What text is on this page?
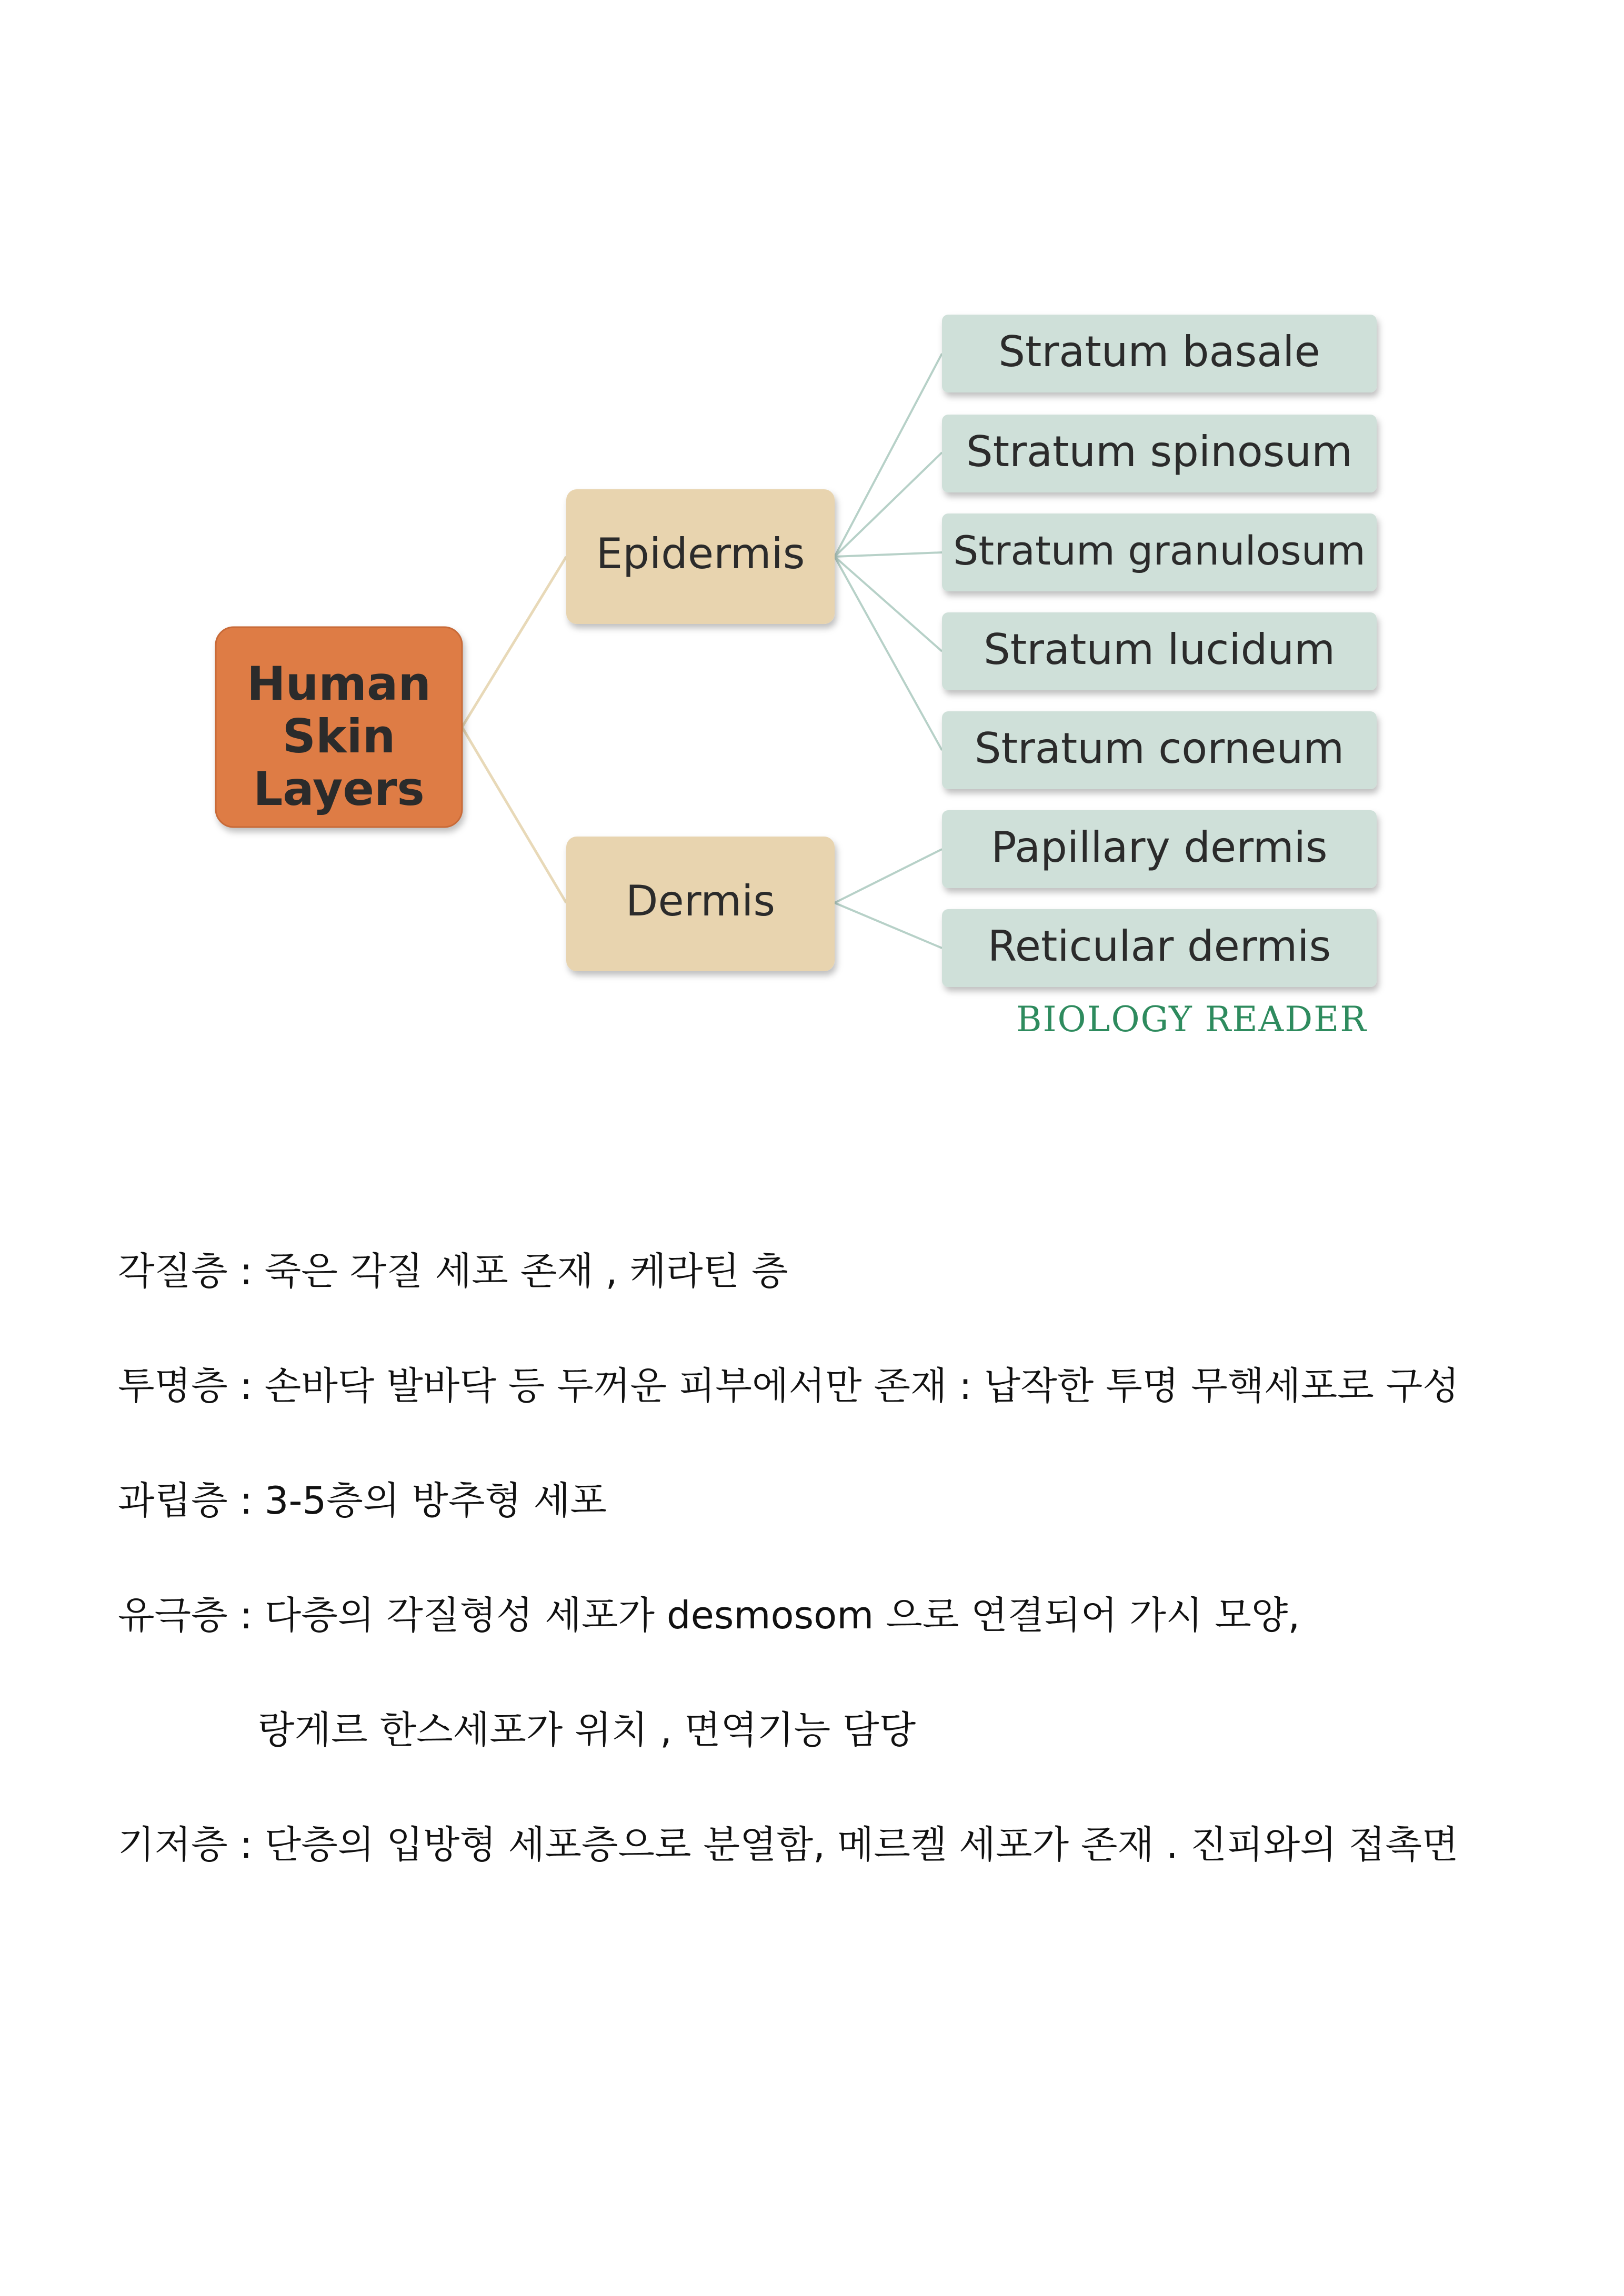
Human
Skin
Layers
Epidermis
Dermis
Stratum basale
Stratum spinosum
Stratum granulosum
Stratum lucidum
Stratum corneum
Papillary dermis
Reticular dermis
BIOLOGY READER
각질층 : 죽은 각질 세포 존재 , 케라틴 층
투명층 : 손바닥 발바닥 등 두꺼운 피부에서만 존재 : 납작한 투명 무핵세포로 구성
과립층 : 3-5층의 방추형 세포
유극층 : 다층의 각질형성 세포가 desmosom 으로 연결되어 가시 모양,
랑게르 한스세포가 위치 , 면역기능 담당
기저층 : 단층의 입방형 세포층으로 분열함, 메르켈 세포가 존재 . 진피와의 접촉면
